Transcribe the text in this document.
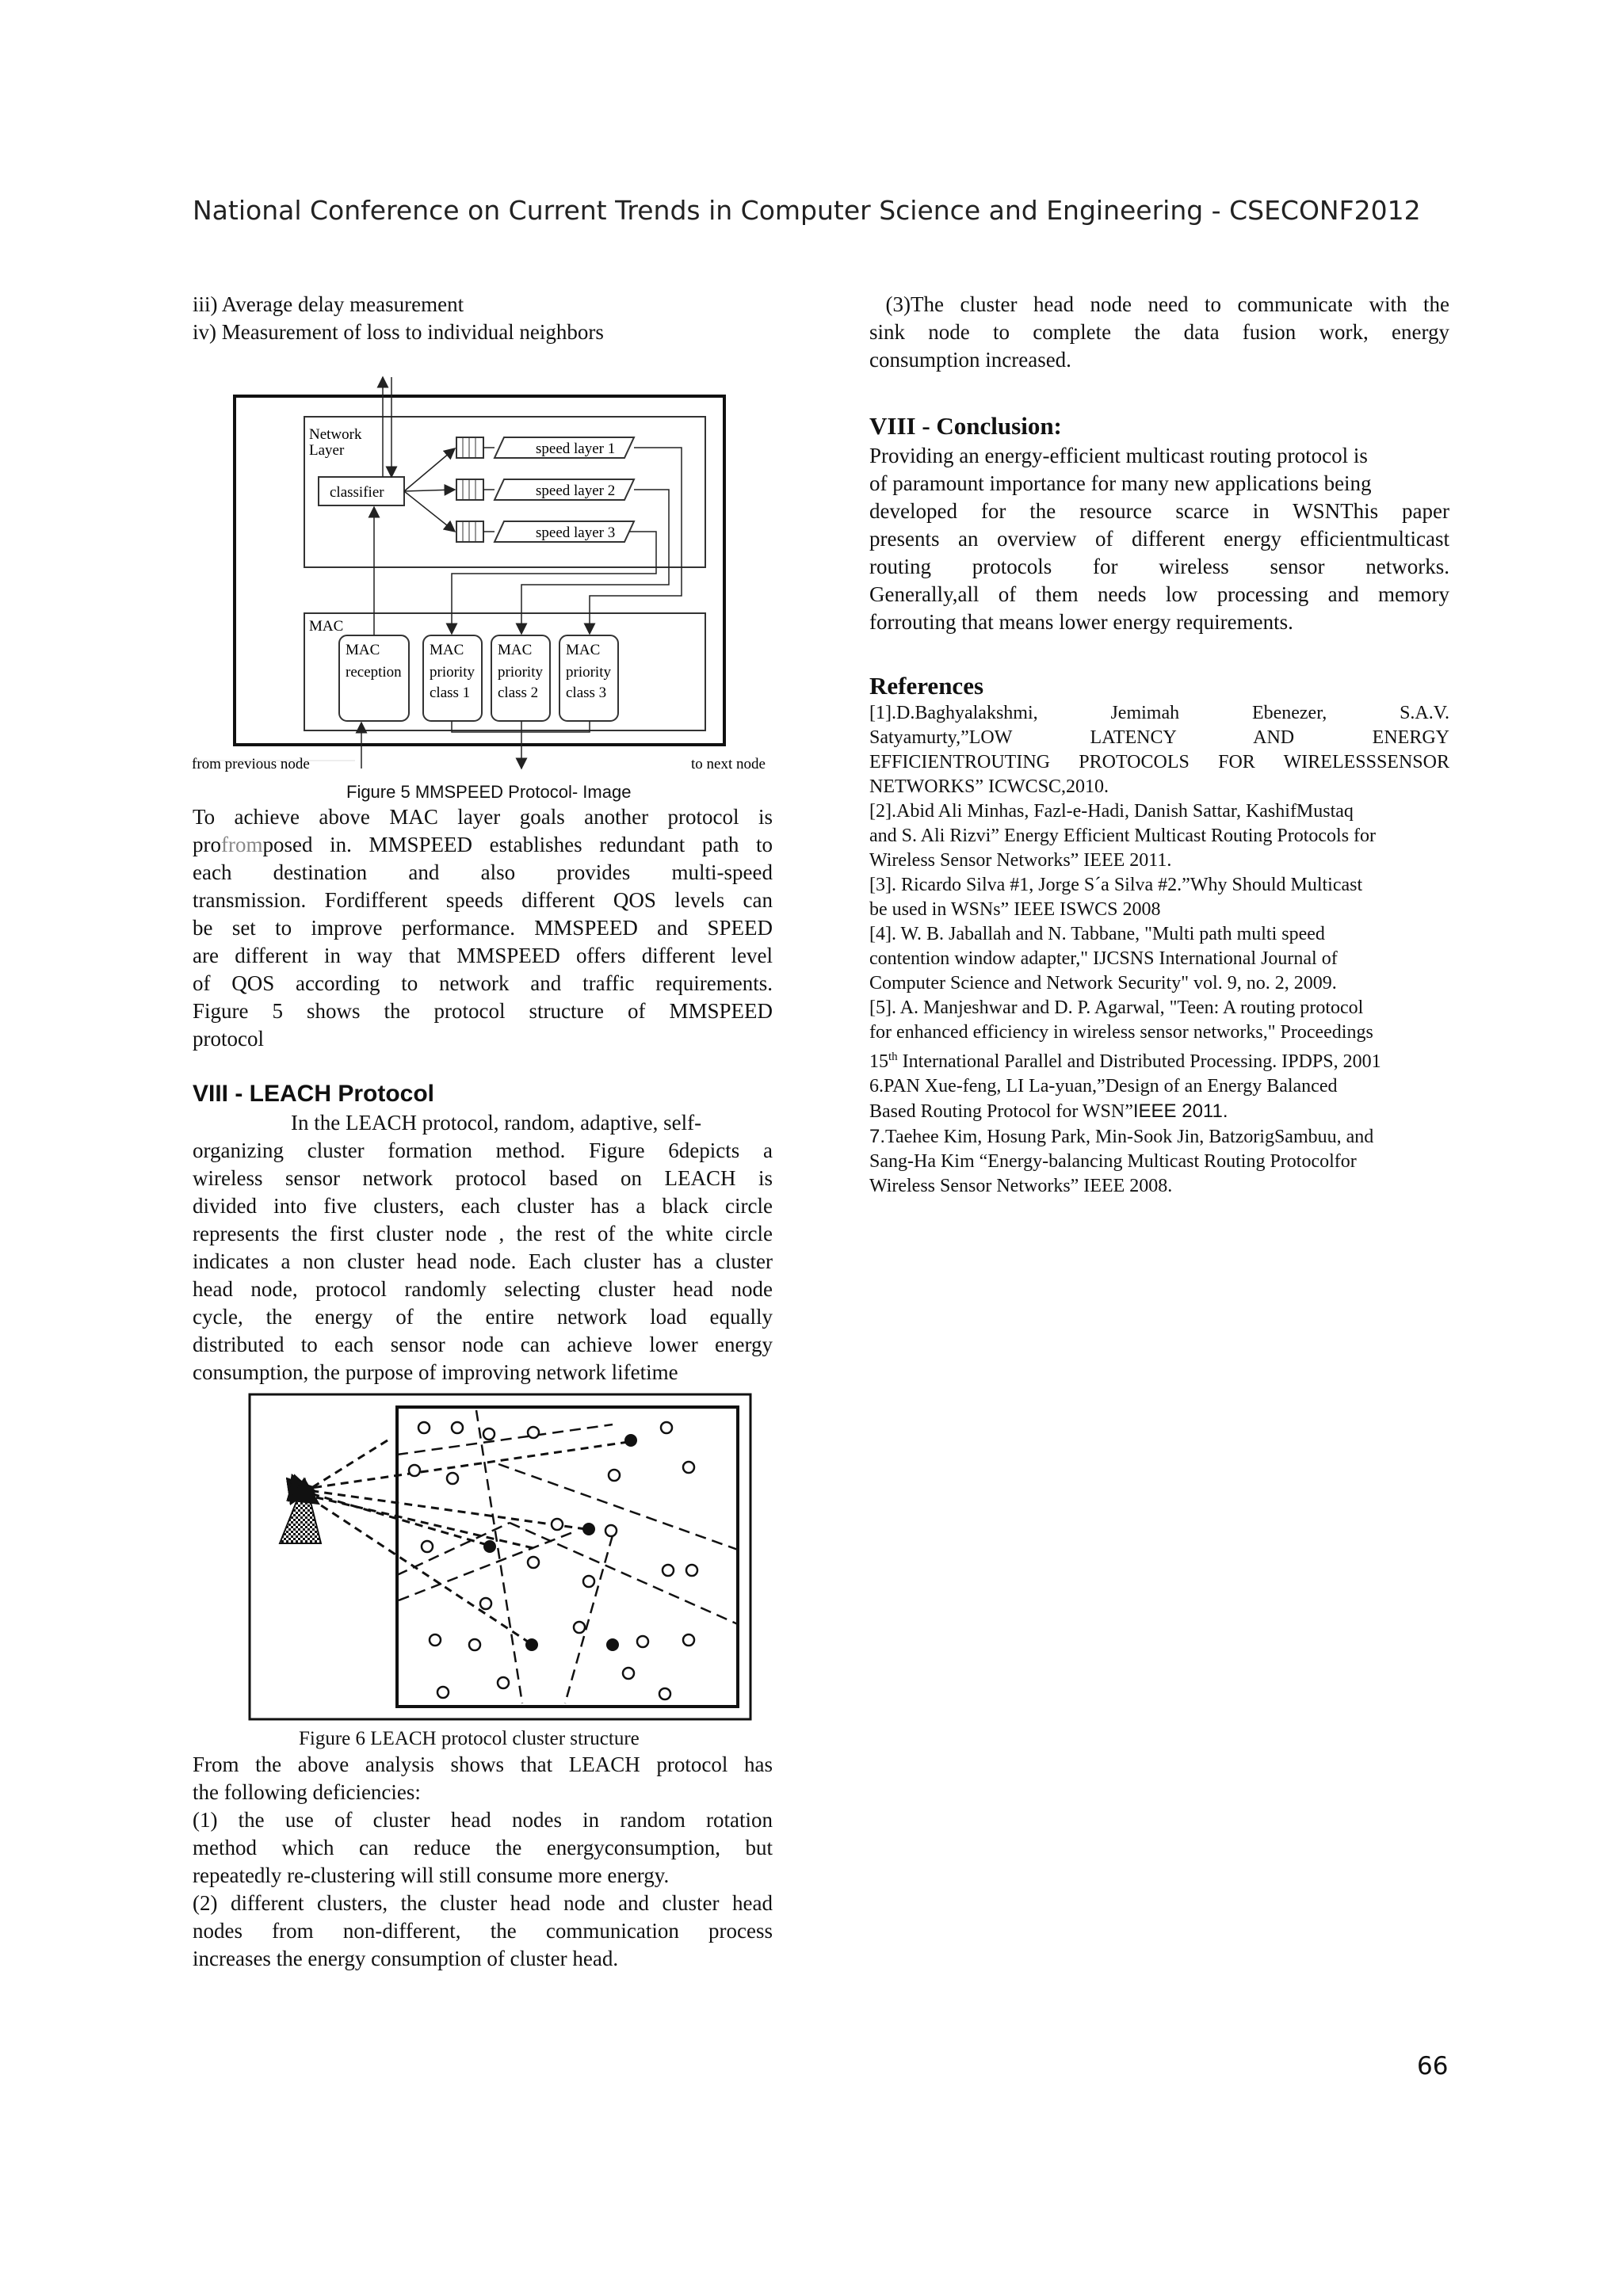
National Conference on Current Trends in Computer Science and Engineering - CSECONF2012
iii) Average delay measurement
iv) Measurement of loss to individual neighbors
Network
Layer
classifier
speed layer 1
speed layer 2
speed layer 3
MAC
MAC
reception
MAC
priority
class 1
MAC
priority
class 2
MAC
priority
class 3
from previous node	to next node
Figure 5 MMSPEED Protocol- Image
To achieve above MAC layer goals another protocol is
profromposed in. MMSPEED establishes redundant path to
each destination and also provides multi-speed
transmission. Fordifferent speeds different QOS levels can
be set to improve performance. MMSPEED and SPEED
are different in way that MMSPEED offers different level
of QOS according to network and traffic requirements.
Figure 5 shows the protocol structure of MMSPEED
protocol
VIII - LEACH Protocol
In the LEACH protocol, random, adaptive, self-
organizing cluster formation method. Figure 6depicts a
wireless sensor network protocol based on LEACH is
divided into five clusters, each cluster has a black circle
represents the first cluster node , the rest of the white circle
indicates a non cluster head node. Each cluster has a cluster
head node, protocol randomly selecting cluster head node
cycle, the energy of the entire network load equally
distributed to each sensor node can achieve lower energy
consumption, the purpose of improving network lifetime
Figure 6 LEACH protocol cluster structure
From the above analysis shows that LEACH protocol has
the following deficiencies:
(1) the use of cluster head nodes in random rotation
method which can reduce the energyconsumption, but
repeatedly re-clustering will still consume more energy.
(2) different clusters, the cluster head node and cluster head
nodes from non-different, the communication process
increases the energy consumption of cluster head.
(3)The cluster head node need to communicate with the
sink node to complete the data fusion work, energy
consumption increased.
VIII - Conclusion:
Providing an energy-efficient multicast routing protocol is
of paramount importance for many new applications being
developed for the resource scarce in WSNThis paper
presents an overview of different energy efficientmulticast
routing protocols for wireless sensor networks.
Generally,all of them needs low processing and memory
forrouting that means lower energy requirements.
References
[1].D.Baghyalakshmi, Jemimah Ebenezer, S.A.V.
Satyamurty,”LOW LATENCY AND ENERGY
EFFICIENTROUTING PROTOCOLS FOR WIRELESSSENSOR
NETWORKS” ICWCSC,2010.
[2].Abid Ali Minhas, Fazl-e-Hadi, Danish Sattar, KashifMustaq
and S. Ali Rizvi” Energy Efficient Multicast Routing Protocols for
Wireless Sensor Networks” IEEE 2011.
[3]. Ricardo Silva #1, Jorge S´a Silva #2.”Why Should Multicast
be used in WSNs” IEEE ISWCS 2008
[4]. W. B. Jaballah and N. Tabbane, "Multi path multi speed
contention window adapter," IJCSNS International Journal of
Computer Science and Network Security" vol. 9, no. 2, 2009.
[5]. A. Manjeshwar and D. P. Agarwal, "Teen: A routing protocol
for enhanced efficiency in wireless sensor networks," Proceedings
15th International Parallel and Distributed Processing. IPDPS, 2001
6.PAN Xue-feng, LI La-yuan,”Design of an Energy Balanced
Based Routing Protocol for WSN”IEEE 2011.
7.Taehee Kim, Hosung Park, Min-Sook Jin, BatzorigSambuu, and
Sang-Ha Kim “Energy-balancing Multicast Routing Protocolfor
Wireless Sensor Networks” IEEE 2008.
66
